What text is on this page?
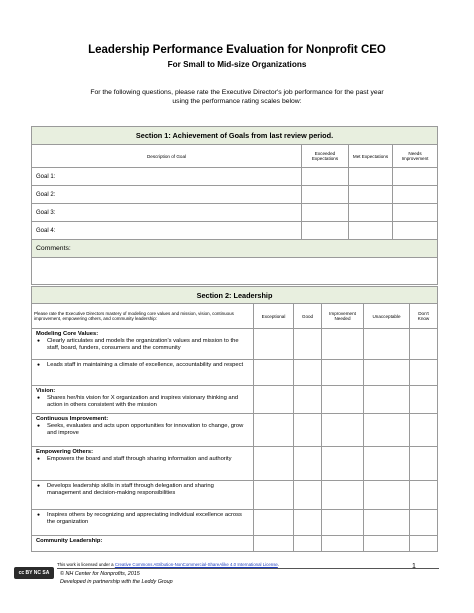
Leadership Performance Evaluation for Nonprofit CEO
For Small to Mid-size Organizations
For the following questions, please rate the Executive Director's job performance for the past year
using the performance rating scales below:
Section 1: Achievement of Goals from last review period.			
Description of Goal	Exceeded Expectations	Met Expectations	Needs Improvement
Goal 1:			
Goal 2:			
Goal 3:			
Goal 4:			
Comments:			

Section 2: Leadership					
Please rate the Executive Directors mastery of modeling core values and mission, vision, continuous improvement, empowering others, and community leadership:	Exceptional	Good	Improvement Needed	Unacceptable	Don't Know

Modeling Core Values:
● Clearly articulates and models the organization's values and mission to the staff, board, funders, consumers and the community					

● Leads staff in maintaining a climate of excellence, accountability and respect					

Vision:
● Shares her/his vision for X organization and inspires visionary thinking and action in others consistent with the mission					

Continuous Improvement:
● Seeks, evaluates and acts upon opportunities for innovation to change, grow and improve					

Empowering Others:
● Empowers the board and staff through sharing information and authority					

● Develops leadership skills in staff through delegation and sharing management and decision-making responsibilities					

● Inspires others by recognizing and appreciating individual excellence across the organization					

Community Leadership:					

cc BY NC SA
This work is licensed under a Creative Commons Attribution-NonCommercial-ShareAlike 4.0 International License.
© NH Center for Nonprofits, 2015
Developed in partnership with the Leddy Group
1
